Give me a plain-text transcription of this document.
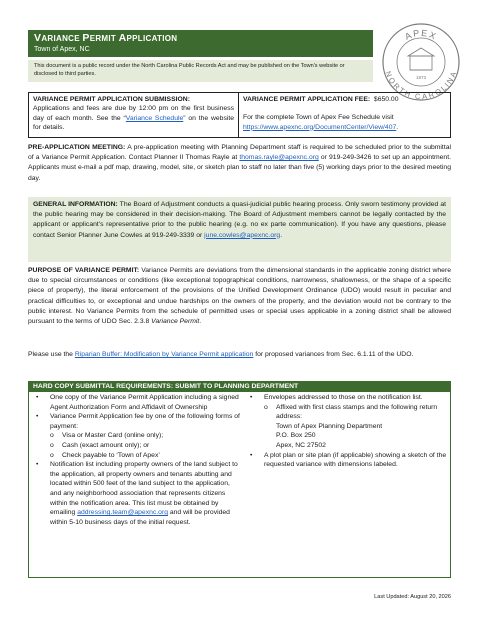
VARIANCE PERMIT APPLICATION
Town of Apex, NC
This document is a public record under the North Carolina Public Records Act and may be published on the Town's website or disclosed to third parties.
APEX
NORTH CAROLINA
1873
VARIANCE PERMIT APPLICATION SUBMISSION:
Applications and fees are due by 12:00 pm on the first business day of each month. See the “Variance Schedule” on the website for details.
VARIANCE PERMIT APPLICATION FEE: $650.00
For the complete Town of Apex Fee Schedule visit
https://www.apexnc.org/DocumentCenter/View/407.
PRE-APPLICATION MEETING: A pre-application meeting with Planning Department staff is required to be scheduled prior to the submittal of a Variance Permit Application. Contact Planner II Thomas Rayle at thomas.rayle@apexnc.org or 919-249-3426 to set up an appointment. Applicants must e-mail a pdf map, drawing, model, site, or sketch plan to staff no later than five (5) working days prior to the desired meeting day.
GENERAL INFORMATION: The Board of Adjustment conducts a quasi-judicial public hearing process. Only sworn testimony provided at the public hearing may be considered in their decision-making. The Board of Adjustment members cannot be legally contacted by the applicant or applicant's representative prior to the public hearing (e.g. no ex parte communication). If you have any questions, please contact Senior Planner June Cowles at 919-249-3339 or june.cowles@apexnc.org.
PURPOSE OF VARIANCE PERMIT: Variance Permits are deviations from the dimensional standards in the applicable zoning district where due to special circumstances or conditions (like exceptional topographical conditions, narrowness, shallowness, or the shape of a specific piece of property), the literal enforcement of the provisions of the Unified Development Ordinance (UDO) would result in peculiar and practical difficulties to, or exceptional and undue hardships on the owners of the property, and the deviation would not be contrary to the public interest. No Variance Permits from the schedule of permitted uses or special uses applicable in a zoning district shall be allowed pursuant to the terms of UDO Sec. 2.3.8 Variance Permit.
Please use the Riparian Buffer: Modification by Variance Permit application for proposed variances from Sec. 6.1.11 of the UDO.
HARD COPY SUBMITTAL REQUIREMENTS: SUBMIT TO PLANNING DEPARTMENT
• One copy of the Variance Permit Application including a signed Agent Authorization Form and Affidavit of Ownership
• Variance Permit Application fee by one of the following forms of payment:
o Visa or Master Card (online only);
o Cash (exact amount only); or
o Check payable to ‘Town of Apex’
• Notification list including property owners of the land subject to the application, all property owners and tenants abutting and located within 500 feet of the land subject to the application, and any neighborhood association that represents citizens within the notification area. This list must be obtained by emailing addressing.team@apexnc.org and will be provided within 5-10 business days of the initial request.
• Envelopes addressed to those on the notification list.
o Affixed with first class stamps and the following return address:
Town of Apex Planning Department
P.O. Box 250
Apex, NC 27502
• A plot plan or site plan (if applicable) showing a sketch of the requested variance with dimensions labeled.
Last Updated: August 20, 2026
